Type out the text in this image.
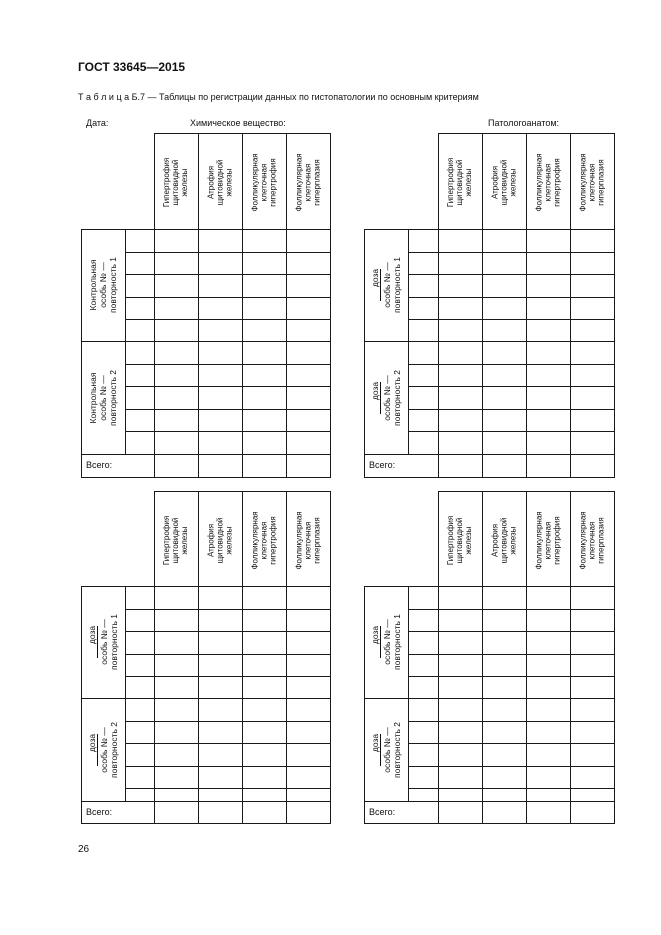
ГОСТ 33645—2015
Т а б л и ц а Б.7 — Таблицы по регистрации данных по гистопатологии по основным критериям
Дата:	Химическое вещество:	Патологоанатом:
Гипертрофия
щитовидной
железы Атрофия
щитовидной
железы Фолликулярная
клеточная
гипертрофия Фолликулярная
клеточная
гиперплазия
Контрольная особь № — повторность 1
Контрольная особь № — повторность 2
Всего:
Гипертрофия
щитовидной
железы Атрофия
щитовидной
железы Фолликулярная
клеточная
гипертрофия Фолликулярная
клеточная
гиперплазия
доза особь № — повторность 1
доза особь № — повторность 2
Всего:
Гипертрофия
щитовидной
железы Атрофия
щитовидной
железы Фолликулярная
клеточная
гипертрофия Фолликулярная
клеточная
гиперплазия
доза особь № — повторность 1
доза особь № — повторность 2
Всего:
Гипертрофия
щитовидной
железы Атрофия
щитовидной
железы Фолликулярная
клеточная
гипертрофия Фолликулярная
клеточная
гиперплазия
доза особь № — повторность 1
доза особь № — повторность 2
Всего:
26
